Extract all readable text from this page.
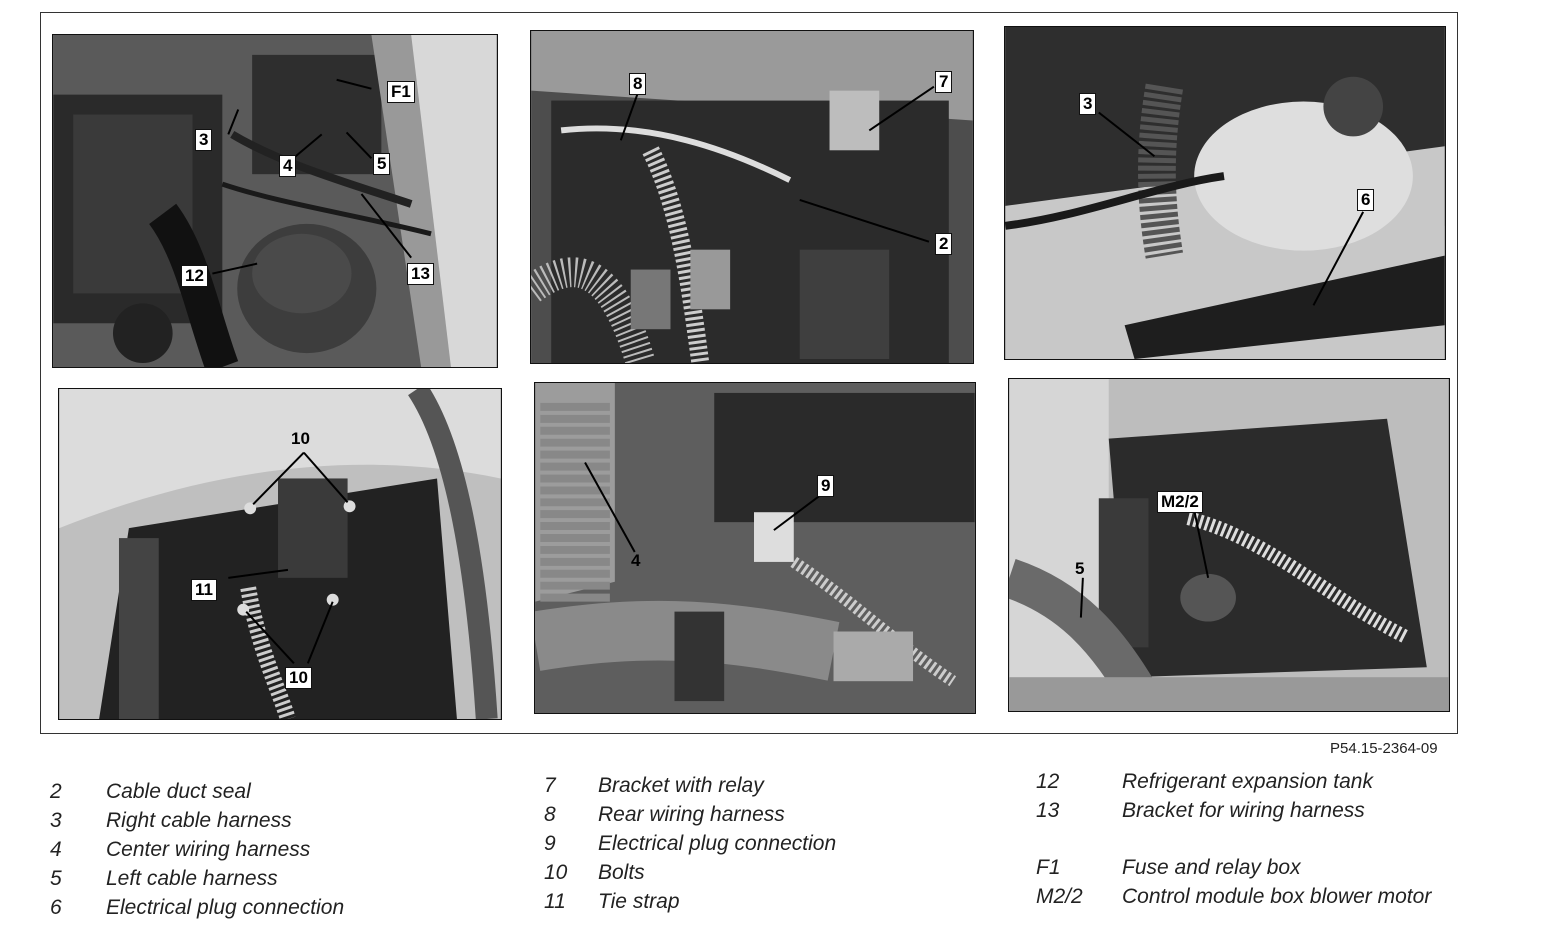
F1
3
4	5
12	13
8	7
2
3
6
10
11
10
4
9
M2/2
5
P54.15-2364-09
2 Cable duct seal
3 Right cable harness
4 Center wiring harness
5 Left cable harness
6 Electrical plug connection
7 Bracket with relay
8 Rear wiring harness
9 Electrical plug connection
10 Bolts
11 Tie strap
12	Refrigerant expansion tank
13	Bracket for wiring harness
F1	Fuse and relay box
M2/2 Control module box blower motor
